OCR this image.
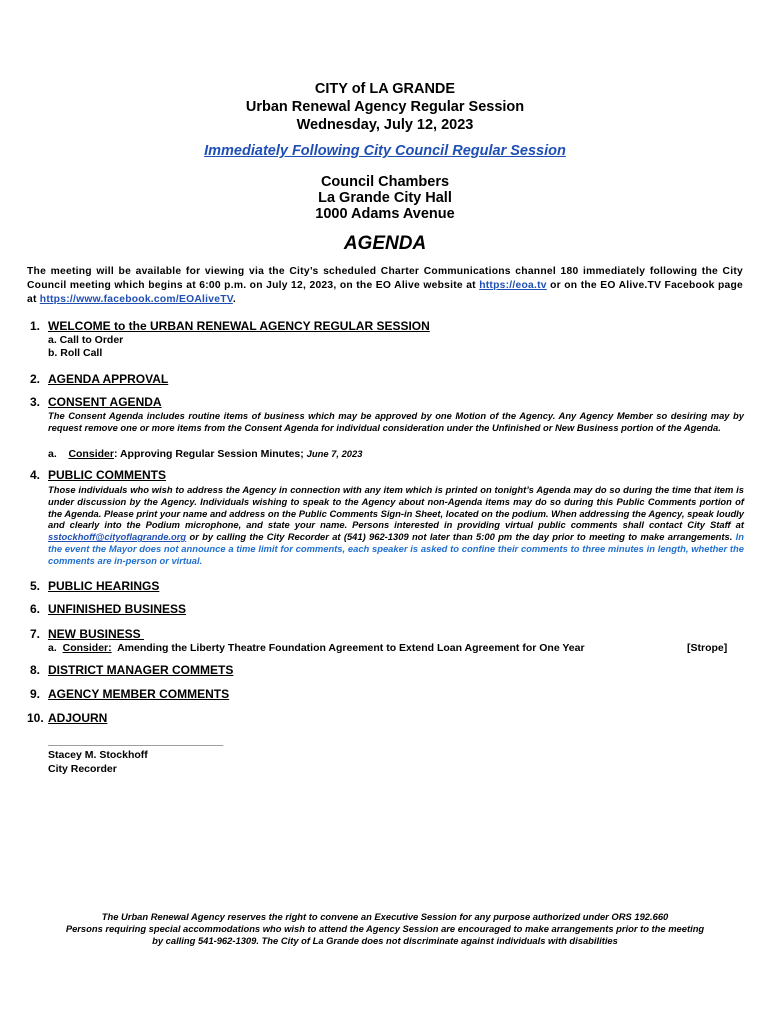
CITY of LA GRANDE
Urban Renewal Agency Regular Session
Wednesday, July 12, 2023
Immediately Following City Council Regular Session
Council Chambers
La Grande City Hall
1000 Adams Avenue
AGENDA
The meeting will be available for viewing via the City’s scheduled Charter Communications channel 180 immediately following the City Council meeting which begins at 6:00 p.m. on July 12, 2023, on the EO Alive website at https://eoa.tv or on the EO Alive.TV Facebook page at https://www.facebook.com/EOAliveTV.
1. WELCOME to the URBAN RENEWAL AGENCY REGULAR SESSION
a. Call to Order
b. Roll Call
2. AGENDA APPROVAL
3. CONSENT AGENDA
The Consent Agenda includes routine items of business which may be approved by one Motion of the Agency. Any Agency Member so desiring may by request remove one or more items from the Consent Agenda for individual consideration under the Unfinished or New Business portion of the Agenda.
a. Consider: Approving Regular Session Minutes; June 7, 2023
4. PUBLIC COMMENTS
Those individuals who wish to address the Agency in connection with any item which is printed on tonight’s Agenda may do so during the time that item is under discussion by the Agency. Individuals wishing to speak to the Agency about non-Agenda items may do so during this Public Comments portion of the Agenda. Please print your name and address on the Public Comments Sign-in Sheet, located on the podium. When addressing the Agency, speak loudly and clearly into the Podium microphone, and state your name. Persons interested in providing virtual public comments shall contact City Staff at sstockhoff@cityoflagrande.org or by calling the City Recorder at (541) 962-1309 not later than 5:00 pm the day prior to meeting to make arrangements. In the event the Mayor does not announce a time limit for comments, each speaker is asked to confine their comments to three minutes in length, whether the comments are in-person or virtual.
5. PUBLIC HEARINGS
6. UNFINISHED BUSINESS
7. NEW BUSINESS
a. Consider:  Amending the Liberty Theatre Foundation Agreement to Extend Loan Agreement for One Year	[Strope]
8. DISTRICT MANAGER COMMETS
9. AGENCY MEMBER COMMENTS
10. ADJOURN
______________________________
Stacey M. Stockhoff
City Recorder
The Urban Renewal Agency reserves the right to convene an Executive Session for any purpose authorized under ORS 192.660
Persons requiring special accommodations who wish to attend the Agency Session are encouraged to make arrangements prior to the meeting
by calling 541-962-1309. The City of La Grande does not discriminate against individuals with disabilities
